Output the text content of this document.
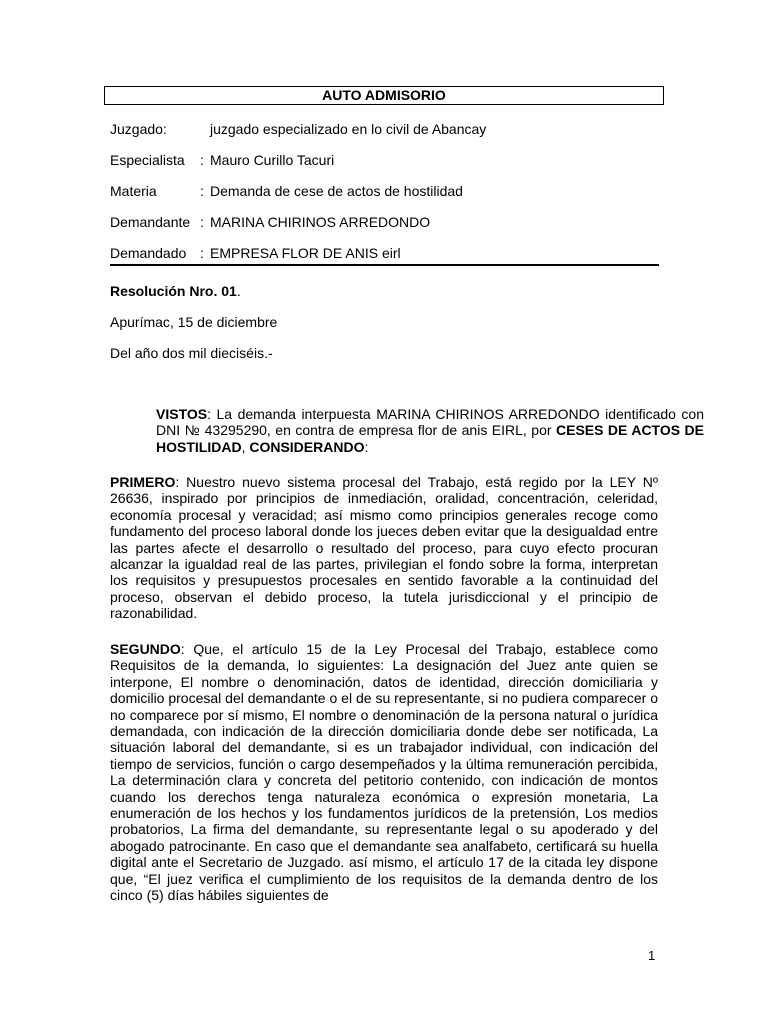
AUTO ADMISORIO
Juzgado:	juzgado especializado en lo civil de Abancay
Especialista : Mauro Curillo Tacuri
Materia	: Demanda de cese de actos de hostilidad
Demandante : MARINA CHIRINOS ARREDONDO
Demandado : EMPRESA FLOR DE ANIS eirl
Resolución Nro. 01.
Apurímac, 15 de diciembre
Del año dos mil dieciséis.-
VISTOS: La demanda interpuesta MARINA CHIRINOS ARREDONDO identificado con DNI № 43295290, en contra de empresa flor de anis EIRL, por CESES DE ACTOS DE HOSTILIDAD, CONSIDERANDO:
PRIMERO: Nuestro nuevo sistema procesal del Trabajo, está regido por la LEY Nº 26636, inspirado por principios de inmediación, oralidad, concentración, celeridad, economía procesal y veracidad; así mismo como principios generales recoge como fundamento del proceso laboral donde los jueces deben evitar que la desigualdad entre las partes afecte el desarrollo o resultado del proceso, para cuyo efecto procuran alcanzar la igualdad real de las partes, privilegian el fondo sobre la forma, interpretan los requisitos y presupuestos procesales en sentido favorable a la continuidad del proceso, observan el debido proceso, la tutela jurisdiccional y el principio de razonabilidad.
SEGUNDO: Que, el artículo 15 de la Ley Procesal del Trabajo, establece como Requisitos de la demanda, lo siguientes: La designación del Juez ante quien se interpone, El nombre o denominación, datos de identidad, dirección domiciliaria y domicilio procesal del demandante o el de su representante, si no pudiera comparecer o no comparece por sí mismo, El nombre o denominación de la persona natural o jurídica demandada, con indicación de la dirección domiciliaria donde debe ser notificada, La situación laboral del demandante, si es un trabajador individual, con indicación del tiempo de servicios, función o cargo desempeñados y la última remuneración percibida, La determinación clara y concreta del petitorio contenido, con indicación de montos cuando los derechos tenga naturaleza económica o expresión monetaria, La enumeración de los hechos y los fundamentos jurídicos de la pretensión, Los medios probatorios, La firma del demandante, su representante legal o su apoderado y del abogado patrocinante. En caso que el demandante sea analfabeto, certificará su huella digital ante el Secretario de Juzgado. así mismo, el artículo 17 de la citada ley dispone que, “El juez verifica el cumplimiento de los requisitos de la demanda dentro de los cinco (5) días hábiles siguientes de
1
